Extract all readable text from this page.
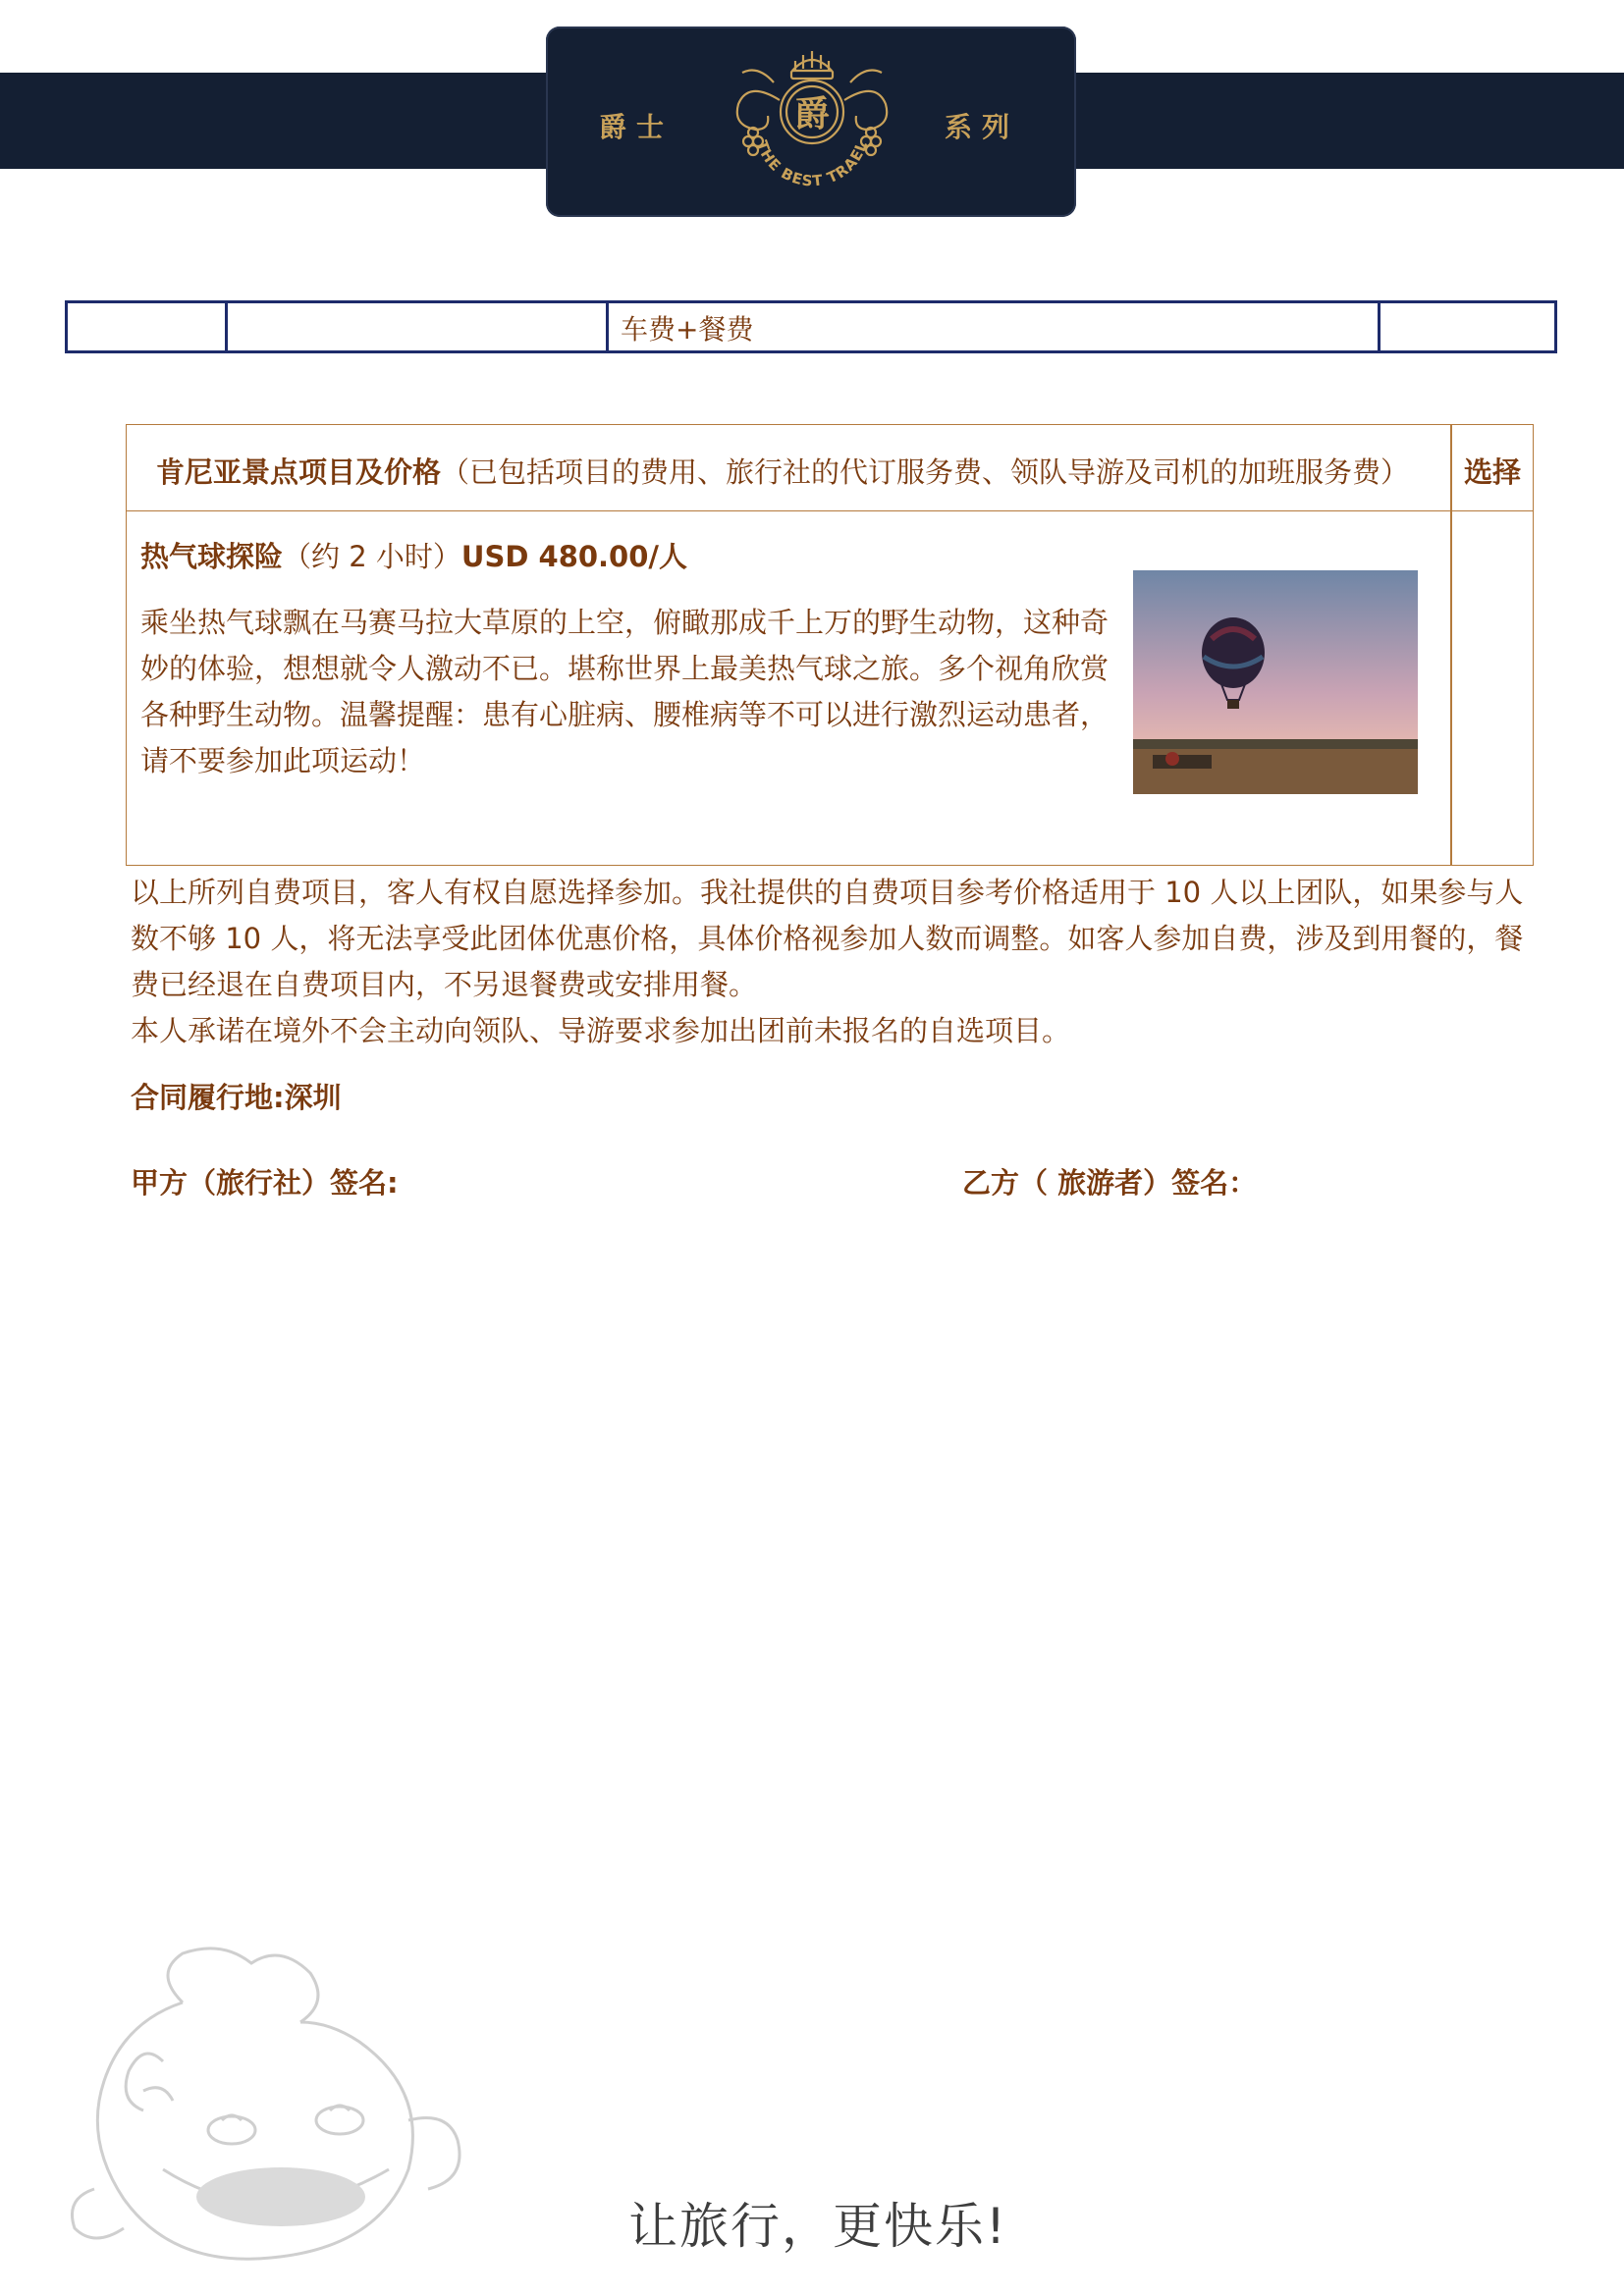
爵士	系列
爵
THE BEST TRAEL
车费+餐费
肯尼亚景点项目及价格（已包括项目的费用、旅行社的代订服务费、领队导游及司机的加班服务费）	选择
热气球探险（约 2 小时）USD 480.00/人
乘坐热气球飘在马赛马拉大草原的上空，俯瞰那成千上万的野生动物，这种奇妙的体验，想想就令人激动不已。堪称世界上最美热气球之旅。多个视角欣赏各种野生动物。温馨提醒：患有心脏病、腰椎病等不可以进行激烈运动患者，请不要参加此项运动！

以上所列自费项目，客人有权自愿选择参加。我社提供的自费项目参考价格适用于 10 人以上团队，如果参与人数不够 10 人，将无法享受此团体优惠价格，具体价格视参加人数而调整。如客人参加自费，涉及到用餐的，餐费已经退在自费项目内，不另退餐费或安排用餐。

本人承诺在境外不会主动向领队、导游要求参加出团前未报名的自选项目。

合同履行地:深圳
甲方（旅行社）签名:	乙方（ 旅游者）签名：
让旅行，更快乐!
